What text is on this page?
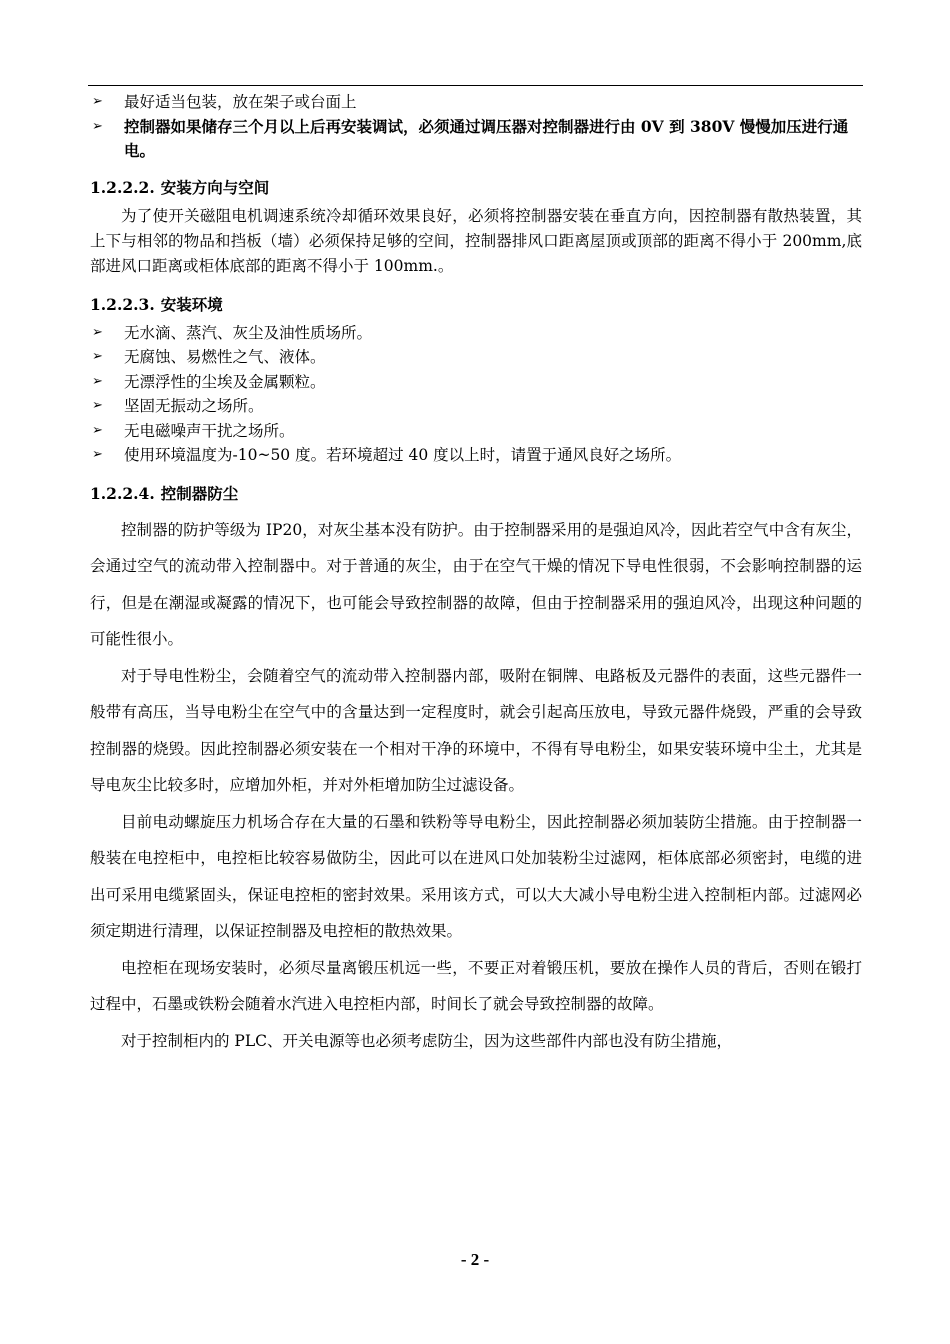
➢ 最好适当包装，放在架子或台面上
➢ 控制器如果储存三个月以上后再安装调试，必须通过调压器对控制器进行由 0V 到 380V 慢慢加压进行通电。
1.2.2.2. 安装方向与空间

为了使开关磁阻电机调速系统冷却循环效果良好，必须将控制器安装在垂直方向，因控制器有散热装置，其上下与相邻的物品和挡板（墙）必须保持足够的空间，控制器排风口距离屋顶或顶部的距离不得小于 200mm,底部进风口距离或柜体底部的距离不得小于 100mm.。

1.2.2.3. 安装环境
➢ 无水滴、蒸汽、灰尘及油性质场所。
➢ 无腐蚀、易燃性之气、液体。
➢ 无漂浮性的尘埃及金属颗粒。
➢ 坚固无振动之场所。
➢ 无电磁噪声干扰之场所。
➢ 使用环境温度为-10~50 度。若环境超过 40 度以上时，请置于通风良好之场所。
1.2.2.4. 控制器防尘

控制器的防护等级为 IP20，对灰尘基本没有防护。由于控制器采用的是强迫风冷，因此若空气中含有灰尘，会通过空气的流动带入控制器中。对于普通的灰尘，由于在空气干燥的情况下导电性很弱，不会影响控制器的运行，但是在潮湿或凝露的情况下，也可能会导致控制器的故障，但由于控制器采用的强迫风冷，出现这种问题的可能性很小。

对于导电性粉尘，会随着空气的流动带入控制器内部，吸附在铜牌、电路板及元器件的表面，这些元器件一般带有高压，当导电粉尘在空气中的含量达到一定程度时，就会引起高压放电，导致元器件烧毁，严重的会导致控制器的烧毁。因此控制器必须安装在一个相对干净的环境中，不得有导电粉尘，如果安装环境中尘土，尤其是导电灰尘比较多时，应增加外柜，并对外柜增加防尘过滤设备。

目前电动螺旋压力机场合存在大量的石墨和铁粉等导电粉尘，因此控制器必须加装防尘措施。由于控制器一般装在电控柜中，电控柜比较容易做防尘，因此可以在进风口处加装粉尘过滤网，柜体底部必须密封，电缆的进出可采用电缆紧固头，保证电控柜的密封效果。采用该方式，可以大大减小导电粉尘进入控制柜内部。过滤网必须定期进行清理，以保证控制器及电控柜的散热效果。

电控柜在现场安装时，必须尽量离锻压机远一些，不要正对着锻压机，要放在操作人员的背后，否则在锻打过程中，石墨或铁粉会随着水汽进入电控柜内部，时间长了就会导致控制器的故障。

对于控制柜内的 PLC、开关电源等也必须考虑防尘，因为这些部件内部也没有防尘措施，

- 2 -
